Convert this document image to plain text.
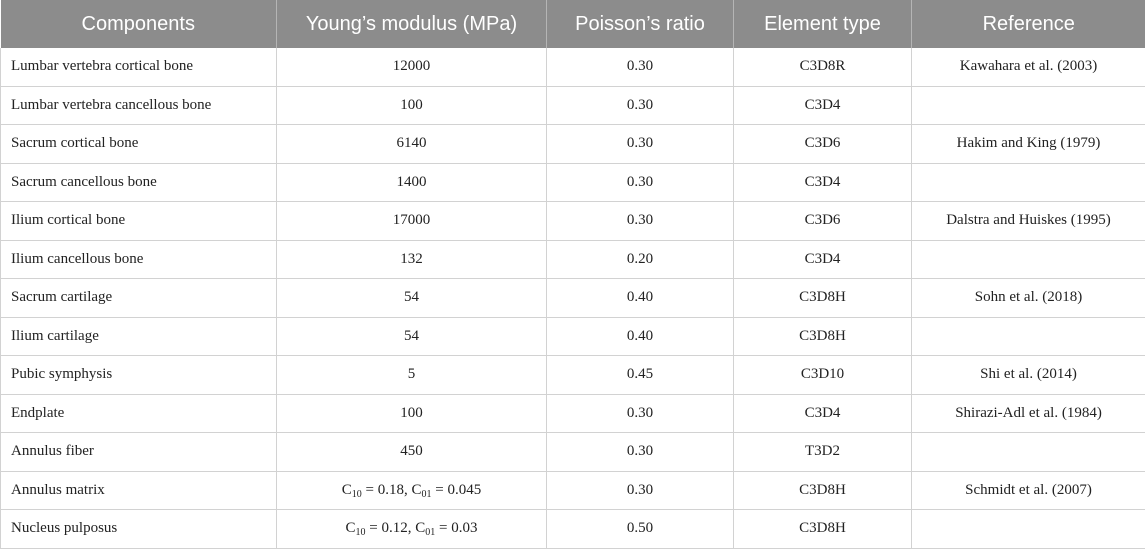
Components	Young’s modulus (MPa)	Poisson’s ratio	Element type	Reference
Lumbar vertebra cortical bone	12000	0.30	C3D8R	Kawahara et al. (2003)
Lumbar vertebra cancellous bone	100	0.30	C3D4	
Sacrum cortical bone	6140	0.30	C3D6	Hakim and King (1979)
Sacrum cancellous bone	1400	0.30	C3D4	
Ilium cortical bone	17000	0.30	C3D6	Dalstra and Huiskes (1995)
Ilium cancellous bone	132	0.20	C3D4	
Sacrum cartilage	54	0.40	C3D8H	Sohn et al. (2018)
Ilium cartilage	54	0.40	C3D8H	
Pubic symphysis	5	0.45	C3D10	Shi et al. (2014)
Endplate	100	0.30	C3D4	Shirazi-Adl et al. (1984)
Annulus fiber	450	0.30	T3D2	
Annulus matrix	$C_{10} = 0.18$, $C_{01} = 0.045$	0.30	C3D8H	Schmidt et al. (2007)
Nucleus pulposus	$C_{10} = 0.12$, $C_{01} = 0.03$	0.50	C3D8H	
